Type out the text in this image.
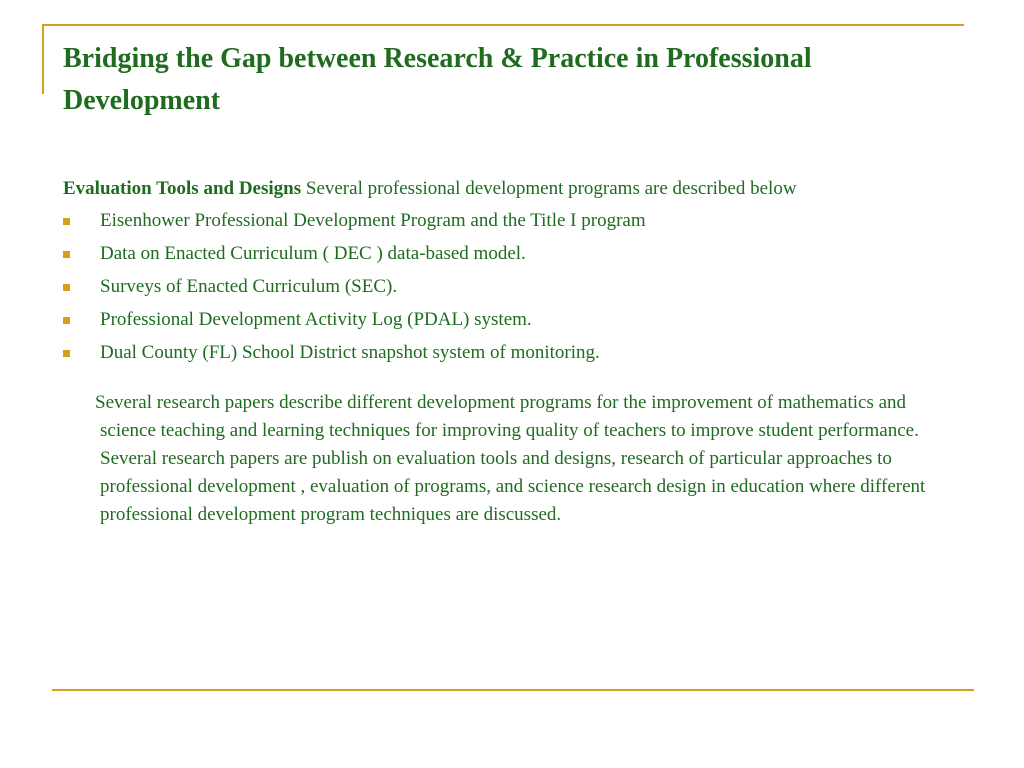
Bridging the Gap between Research & Practice in Professional Development

Evaluation Tools and Designs Several professional development programs are described below

Eisenhower Professional Development Program and the Title I program
Data on Enacted Curriculum ( DEC ) data-based model.
Surveys of Enacted Curriculum (SEC).
Professional Development Activity Log (PDAL) system.
Dual County (FL) School District snapshot system of monitoring.

Several research papers describe different development programs for the improvement of mathematics and science teaching and learning techniques for improving quality of teachers to improve student performance.

Several research papers are publish on evaluation tools and designs, research of particular approaches to professional development , evaluation of programs, and science research design in education where different professional development program techniques are discussed.
